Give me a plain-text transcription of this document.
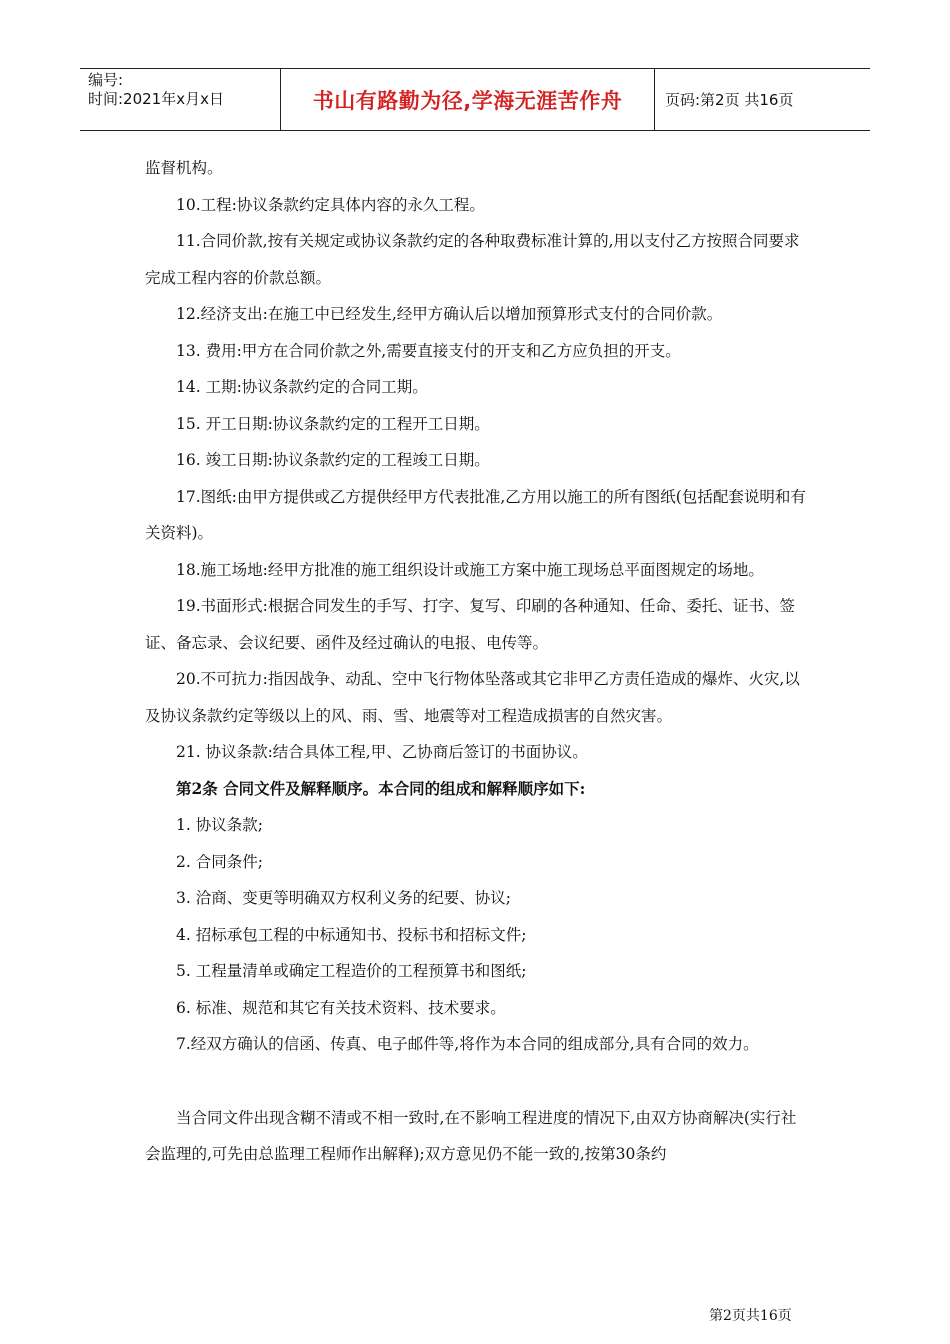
编号:
时间:2021年x月x日	书山有路勤为径,学海无涯苦作舟	页码:第2页 共16页

监督机构。

10.工程:协议条款约定具体内容的永久工程。

11.合同价款,按有关规定或协议条款约定的各种取费标准计算的,用以支付乙方按照合同要求完成工程内容的价款总额。

12.经济支出:在施工中已经发生,经甲方确认后以增加预算形式支付的合同价款。

13. 费用:甲方在合同价款之外,需要直接支付的开支和乙方应负担的开支。

14. 工期:协议条款约定的合同工期。

15. 开工日期:协议条款约定的工程开工日期。

16. 竣工日期:协议条款约定的工程竣工日期。

17.图纸:由甲方提供或乙方提供经甲方代表批准,乙方用以施工的所有图纸(包括配套说明和有关资料)。

18.施工场地:经甲方批准的施工组织设计或施工方案中施工现场总平面图规定的场地。

19.书面形式:根据合同发生的手写、打字、复写、印刷的各种通知、任命、委托、证书、签证、备忘录、会议纪要、函件及经过确认的电报、电传等。

20.不可抗力:指因战争、动乱、空中飞行物体坠落或其它非甲乙方责任造成的爆炸、火灾,以及协议条款约定等级以上的风、雨、雪、地震等对工程造成损害的自然灾害。

21. 协议条款:结合具体工程,甲、乙协商后签订的书面协议。

第2条 合同文件及解释顺序。本合同的组成和解释顺序如下:

1. 协议条款;

2. 合同条件;

3. 洽商、变更等明确双方权利义务的纪要、协议;

4. 招标承包工程的中标通知书、投标书和招标文件;

5. 工程量清单或确定工程造价的工程预算书和图纸;

6. 标准、规范和其它有关技术资料、技术要求。

7.经双方确认的信函、传真、电子邮件等,将作为本合同的组成部分,具有合同的效力。

当合同文件出现含糊不清或不相一致时,在不影响工程进度的情况下,由双方协商解决(实行社会监理的,可先由总监理工程师作出解释);双方意见仍不能一致的,按第30条约

第2页共16页
